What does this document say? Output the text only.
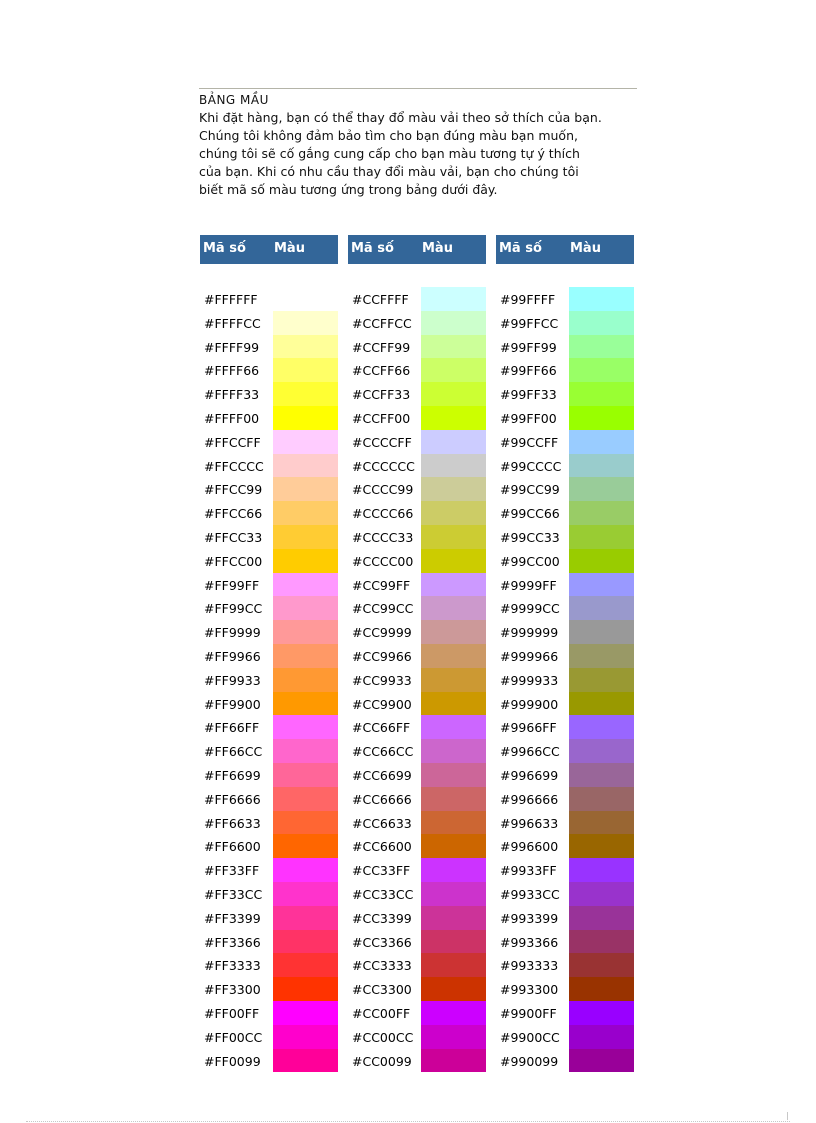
BẢNG MẦU
Khi đặt hàng, bạn có thể thay đổ màu vải theo sở thích của bạn.
Chúng tôi không đảm bảo tìm cho bạn đúng màu bạn muốn,
chúng tôi sẽ cố gắng cung cấp cho bạn màu tương tự ý thích
của bạn. Khi có nhu cầu thay đổi màu vải, bạn cho chúng tôi
biết mã số màu tương ứng trong bảng dưới đây.
Mã số Màu
#FFFFFF
#FFFFCC
#FFFF99
#FFFF66
#FFFF33
#FFFF00
#FFCCFF
#FFCCCC
#FFCC99
#FFCC66
#FFCC33
#FFCC00
#FF99FF
#FF99CC
#FF9999
#FF9966
#FF9933
#FF9900
#FF66FF
#FF66CC
#FF6699
#FF6666
#FF6633
#FF6600
#FF33FF
#FF33CC
#FF3399
#FF3366
#FF3333
#FF3300
#FF00FF
#FF00CC
#FF0099
Mã số Màu
#CCFFFF
#CCFFCC
#CCFF99
#CCFF66
#CCFF33
#CCFF00
#CCCCFF
#CCCCCC
#CCCC99
#CCCC66
#CCCC33
#CCCC00
#CC99FF
#CC99CC
#CC9999
#CC9966
#CC9933
#CC9900
#CC66FF
#CC66CC
#CC6699
#CC6666
#CC6633
#CC6600
#CC33FF
#CC33CC
#CC3399
#CC3366
#CC3333
#CC3300
#CC00FF
#CC00CC
#CC0099
Mã số Màu
#99FFFF
#99FFCC
#99FF99
#99FF66
#99FF33
#99FF00
#99CCFF
#99CCCC
#99CC99
#99CC66
#99CC33
#99CC00
#9999FF
#9999CC
#999999
#999966
#999933
#999900
#9966FF
#9966CC
#996699
#996666
#996633
#996600
#9933FF
#9933CC
#993399
#993366
#993333
#993300
#9900FF
#9900CC
#990099
